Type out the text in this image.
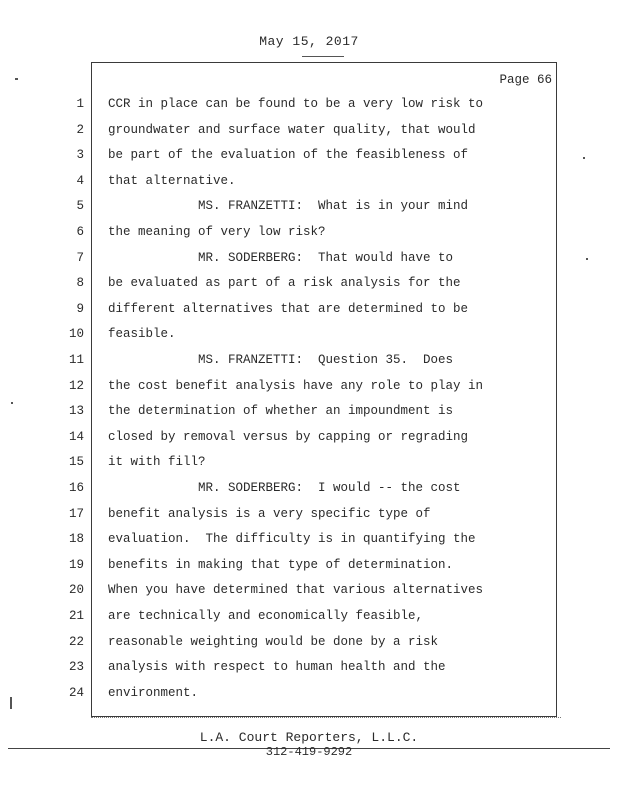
May 15, 2017
Page 66
1 CCR in place can be found to be a very low risk to
2 groundwater and surface water quality, that would
3 be part of the evaluation of the feasibleness of
4 that alternative.
5 MS. FRANZETTI:  What is in your mind
6 the meaning of very low risk?
7 MR. SODERBERG:  That would have to
8 be evaluated as part of a risk analysis for the
9 different alternatives that are determined to be
10 feasible.
11 MS. FRANZETTI:  Question 35.  Does
12 the cost benefit analysis have any role to play in
13 the determination of whether an impoundment is
14 closed by removal versus by capping or regrading
15 it with fill?
16 MR. SODERBERG:  I would -- the cost
17 benefit analysis is a very specific type of
18 evaluation.  The difficulty is in quantifying the
19 benefits in making that type of determination.
20 When you have determined that various alternatives
21 are technically and economically feasible,
22 reasonable weighting would be done by a risk
23 analysis with respect to human health and the
24 environment.
L.A. Court Reporters, L.L.C.
312-419-9292
